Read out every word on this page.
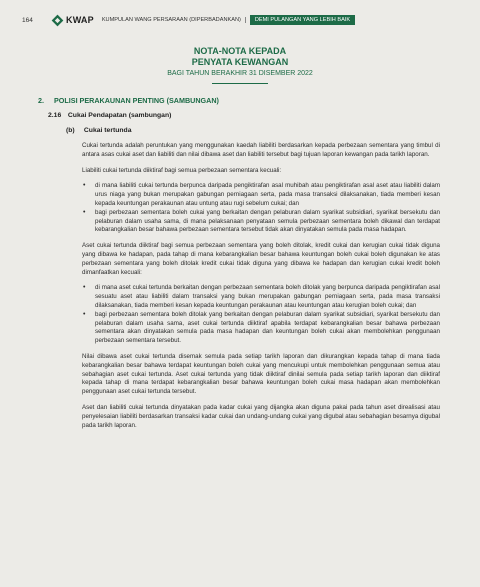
164	KWAP KUMPULAN WANG PERSARAAN (DIPERBADANKAN)	DEMI PULANGAN YANG LEBIH BAIK
NOTA-NOTA KEPADA
PENYATA KEWANGAN
BAGI TAHUN BERAKHIR 31 DISEMBER 2022
2. POLISI PERAKAUNAN PENTING (SAMBUNGAN)
2.16 Cukai Pendapatan (sambungan)
(b) Cukai tertunda

Cukai tertunda adalah peruntukan yang menggunakan kaedah liabiliti berdasarkan kepada perbezaan sementara yang timbul di antara asas cukai aset dan liabiliti dan nilai dibawa aset dan liabiliti tersebut bagi tujuan laporan kewangan pada tarikh laporan.

Liabiliti cukai tertunda diiktiraf bagi semua perbezaan sementara kecuali:

• di mana liabiliti cukai tertunda berpunca daripada pengiktirafan asal muhibah atau pengiktirafan asal aset atau liabiliti dalam urus niaga yang bukan merupakan gabungan perniagaan serta, pada masa transaksi dilaksanakan, tiada memberi kesan kepada keuntungan perakaunan atau untung atau rugi sebelum cukai; dan
• bagi perbezaan sementara boleh cukai yang berkaitan dengan pelaburan dalam syarikat subsidiari, syarikat bersekutu dan pelaburan dalam usaha sama, di mana pelaksanaan penyataan semula perbezaan sementara boleh dikawal dan terdapat kebarangkalian besar bahawa perbezaan sementara tersebut tidak akan dinyatakan semula pada masa hadapan.

Aset cukai tertunda diiktiraf bagi semua perbezaan sementara yang boleh ditolak, kredit cukai dan kerugian cukai tidak diguna yang dibawa ke hadapan, pada tahap di mana kebarangkalian besar bahawa keuntungan boleh cukai boleh digunakan ke atas perbezaan sementara yang boleh ditolak kredit cukai tidak diguna yang dibawa ke hadapan dan kerugian cukai kredit boleh dimanfaatkan kecuali:

• di mana aset cukai tertunda berkaitan dengan perbezaan sementara boleh ditolak yang berpunca daripada pengiktirafan asal sesuatu aset atau liabiliti dalam transaksi yang bukan merupakan gabungan perniagaan serta, pada masa transaksi dilaksanakan, tiada memberi kesan kepada keuntungan perakaunan atau keuntungan atau kerugian boleh cukai; dan
• bagi perbezaan sementara boleh ditolak yang berkaitan dengan pelaburan dalam syarikat subsidiari, syarikat bersekutu dan pelaburan dalam usaha sama, aset cukai tertunda diiktiraf apabila terdapat kebarangkalian besar bahawa perbezaan sementara akan dinyatakan semula pada masa hadapan dan keuntungan boleh cukai akan membolehkan penggunaan perbezaan sementara tersebut.

Nilai dibawa aset cukai tertunda disemak semula pada setiap tarikh laporan dan dikurangkan kepada tahap di mana tiada kebarangkalian besar bahawa terdapat keuntungan boleh cukai yang mencukupi untuk membolehkan penggunaan semua atau sebahagian aset cukai tertunda. Aset cukai tertunda yang tidak diiktiraf dinilai semula pada setiap tarikh laporan dan diiktiraf kepada tahap di mana terdapat kebarangkalian besar bahawa keuntungan boleh cukai masa hadapan akan membolehkan penggunaan aset cukai tertunda tersebut.

Aset dan liabiliti cukai tertunda dinyatakan pada kadar cukai yang dijangka akan diguna pakai pada tahun aset direalisasi atau penyelesaian liabiliti berdasarkan transaksi kadar cukai dan undang-undang cukai yang digubal atau sebahagian besarnya digubal pada tarikh laporan.
